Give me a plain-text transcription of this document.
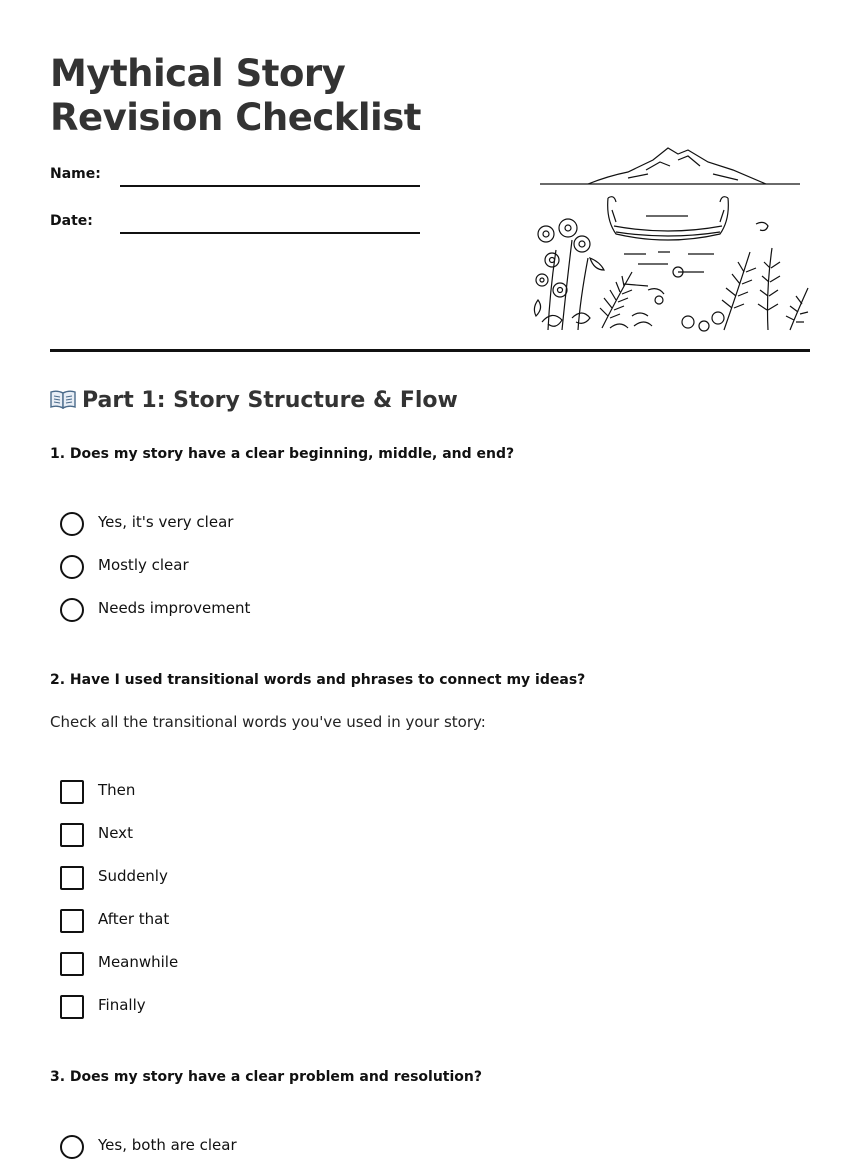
Mythical Story Revision Checklist
Name:
Date:
Part 1: Story Structure & Flow

1. Does my story have a clear beginning, middle, and end?

Yes, it's very clear
Mostly clear
Needs improvement

2. Have I used transitional words and phrases to connect my ideas?

Check all the transitional words you've used in your story:

Then
Next
Suddenly
After that
Meanwhile
Finally

3. Does my story have a clear problem and resolution?

Yes, both are clear
